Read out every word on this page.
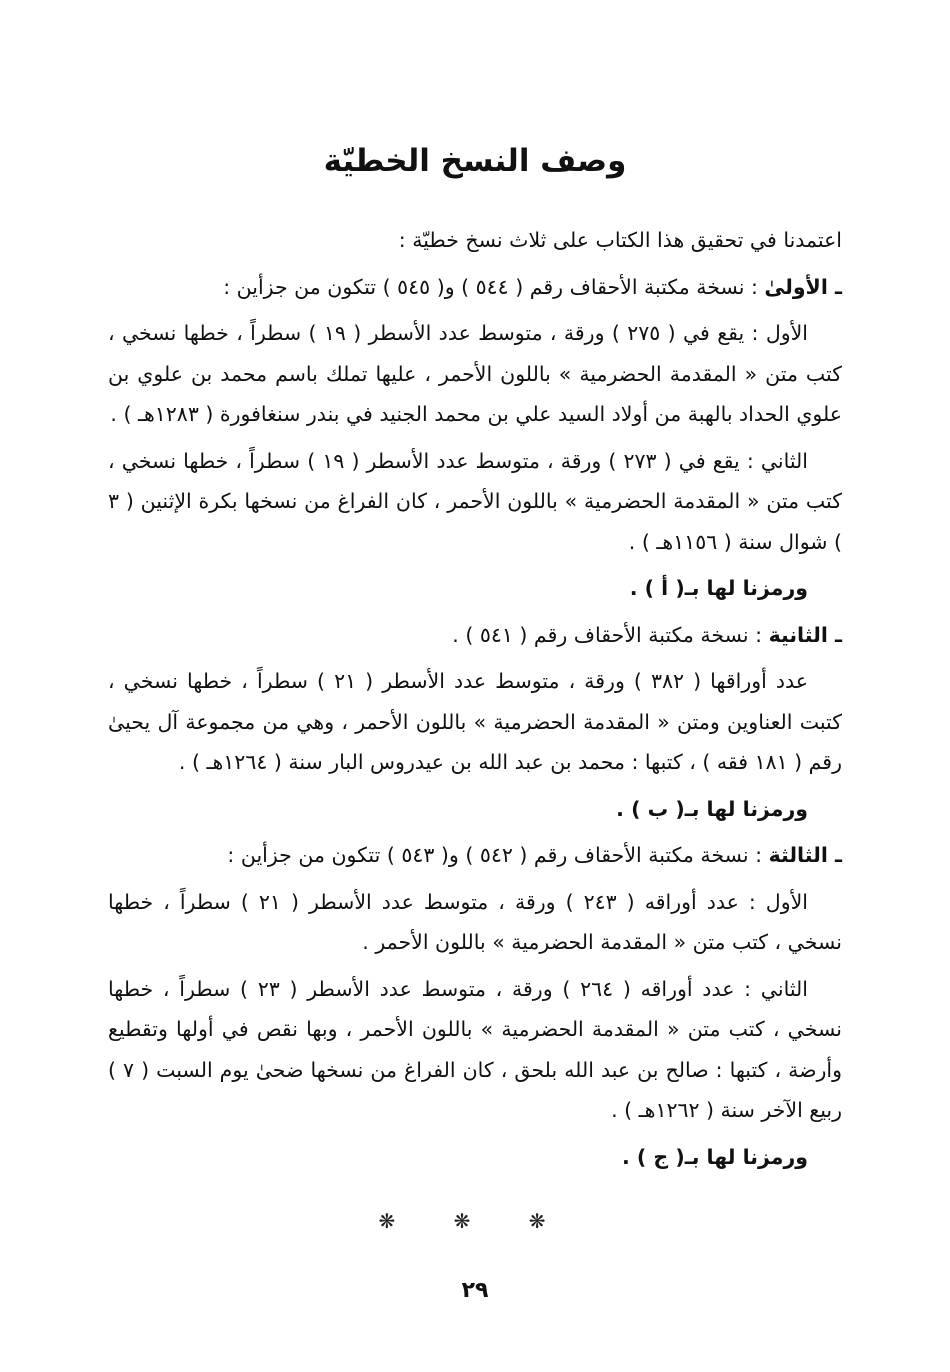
وصف النسخ الخطيّة

اعتمدنا في تحقيق هذا الكتاب على ثلاث نسخ خطيّة :

ـ الأولىٰ : نسخة مكتبة الأحقاف رقم ( ٥٤٤ ) و( ٥٤٥ ) تتكون من جزأين :

الأول : يقع في ( ٢٧٥ ) ورقة ، متوسط عدد الأسطر ( ١٩ ) سطراً ، خطها نسخي ، كتب متن « المقدمة الحضرمية » باللون الأحمر ، عليها تملك باسم محمد بن علوي بن علوي الحداد بالهبة من أولاد السيد علي بن محمد الجنيد في بندر سنغافورة ( ١٢٨٣هـ ) .

الثاني : يقع في ( ٢٧٣ ) ورقة ، متوسط عدد الأسطر ( ١٩ ) سطراً ، خطها نسخي ، كتب متن « المقدمة الحضرمية » باللون الأحمر ، كان الفراغ من نسخها بكرة الإثنين ( ٣ ) شوال سنة ( ١١٥٦هـ ) .

ورمزنا لها بـ( أ ) .

ـ الثانية : نسخة مكتبة الأحقاف رقم ( ٥٤١ ) .

عدد أوراقها ( ٣٨٢ ) ورقة ، متوسط عدد الأسطر ( ٢١ ) سطراً ، خطها نسخي ، كتبت العناوين ومتن « المقدمة الحضرمية » باللون الأحمر ، وهي من مجموعة آل يحيىٰ رقم ( ١٨١ فقه ) ، كتبها : محمد بن عبد الله بن عيدروس البار سنة ( ١٢٦٤هـ ) .

ورمزنا لها بـ( ب ) .

ـ الثالثة : نسخة مكتبة الأحقاف رقم ( ٥٤٢ ) و( ٥٤٣ ) تتكون من جزأين :

الأول : عدد أوراقه ( ٢٤٣ ) ورقة ، متوسط عدد الأسطر ( ٢١ ) سطراً ، خطها نسخي ، كتب متن « المقدمة الحضرمية » باللون الأحمر .

الثاني : عدد أوراقه ( ٢٦٤ ) ورقة ، متوسط عدد الأسطر ( ٢٣ ) سطراً ، خطها نسخي ، كتب متن « المقدمة الحضرمية » باللون الأحمر ، وبها نقص في أولها وتقطيع وأرضة ، كتبها : صالح بن عبد الله بلحق ، كان الفراغ من نسخها ضحىٰ يوم السبت ( ٧ ) ربيع الآخر سنة ( ١٢٦٢هـ ) .

ورمزنا لها بـ( ج ) .

❋ ❋ ❋
٢٩
